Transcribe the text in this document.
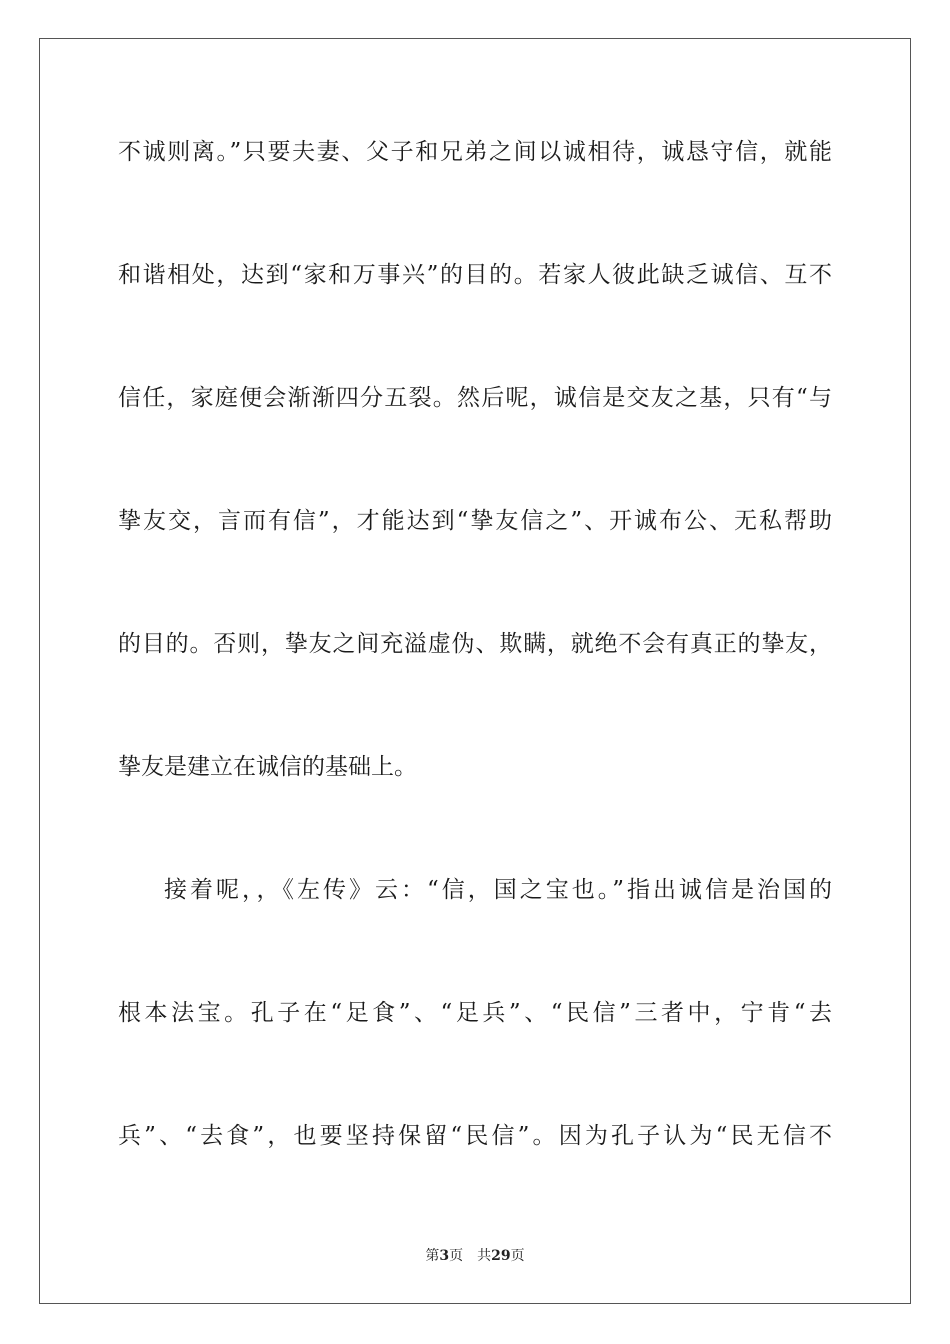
不诚则离。”只要夫妻、父子和兄弟之间以诚相待，诚恳守信，就能
和谐相处，达到“家和万事兴”的目的。若家人彼此缺乏诚信、互不
信任，家庭便会渐渐四分五裂。然后呢，诚信是交友之基，只有“与
挚友交，言而有信”，才能达到“挚友信之”、开诚布公、无私帮助
的目的。否则，挚友之间充溢虚伪、欺瞒，就绝不会有真正的挚友，
挚友是建立在诚信的基础上。
接着呢，，《左传》云：“信，国之宝也。”指出诚信是治国的
根本法宝。孔子在“足食”、“足兵”、“民信”三者中，宁肯“去
兵”、“去食”，也要坚持保留“民信”。因为孔子认为“民无信不
第3页 共29页
